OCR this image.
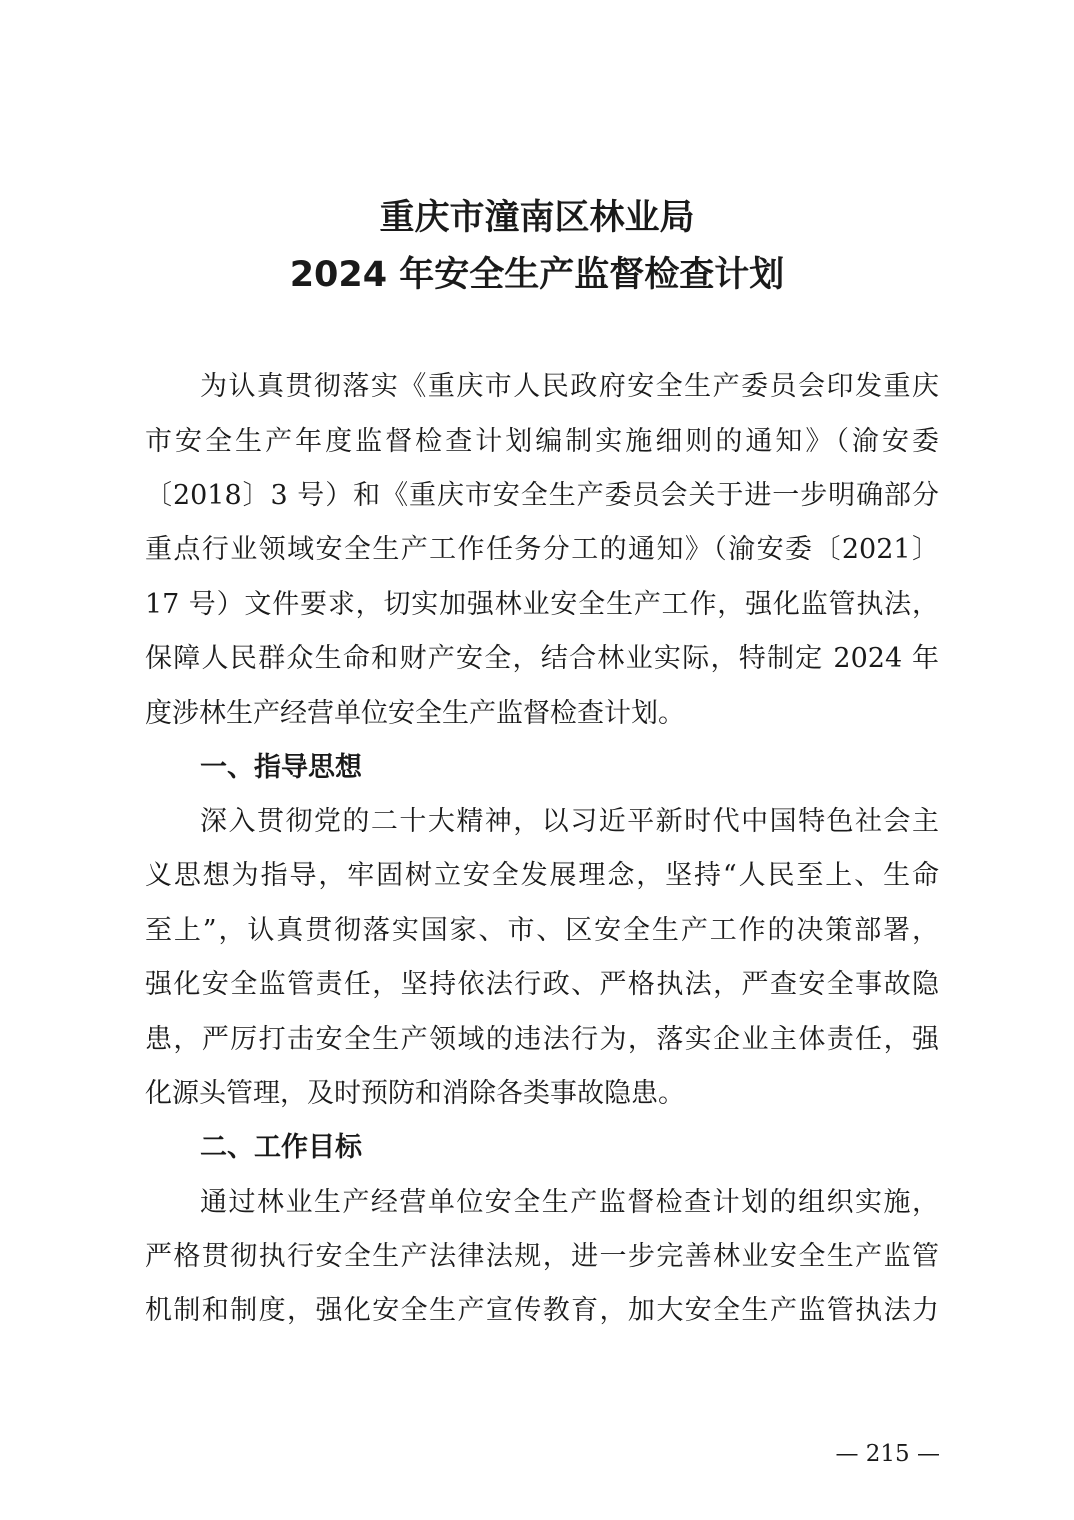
重庆市潼南区林业局
2024 年安全生产监督检查计划
为认真贯彻落实《重庆市人民政府安全生产委员会印发重庆
市安全生产年度监督检查计划编制实施细则的通知》（渝安委
〔2018〕3 号）和《重庆市安全生产委员会关于进一步明确部分
重点行业领域安全生产工作任务分工的通知》（渝安委〔2021〕
17 号）文件要求，切实加强林业安全生产工作，强化监管执法，
保障人民群众生命和财产安全，结合林业实际，特制定 2024 年
度涉林生产经营单位安全生产监督检查计划。
一、指导思想
深入贯彻党的二十大精神，以习近平新时代中国特色社会主
义思想为指导，牢固树立安全发展理念，坚持“人民至上、生命
至上”，认真贯彻落实国家、市、区安全生产工作的决策部署，
强化安全监管责任，坚持依法行政、严格执法，严查安全事故隐
患，严厉打击安全生产领域的违法行为，落实企业主体责任，强
化源头管理，及时预防和消除各类事故隐患。
二、工作目标
通过林业生产经营单位安全生产监督检查计划的组织实施，
严格贯彻执行安全生产法律法规，进一步完善林业安全生产监管
机制和制度，强化安全生产宣传教育，加大安全生产监管执法力
— 215 —
